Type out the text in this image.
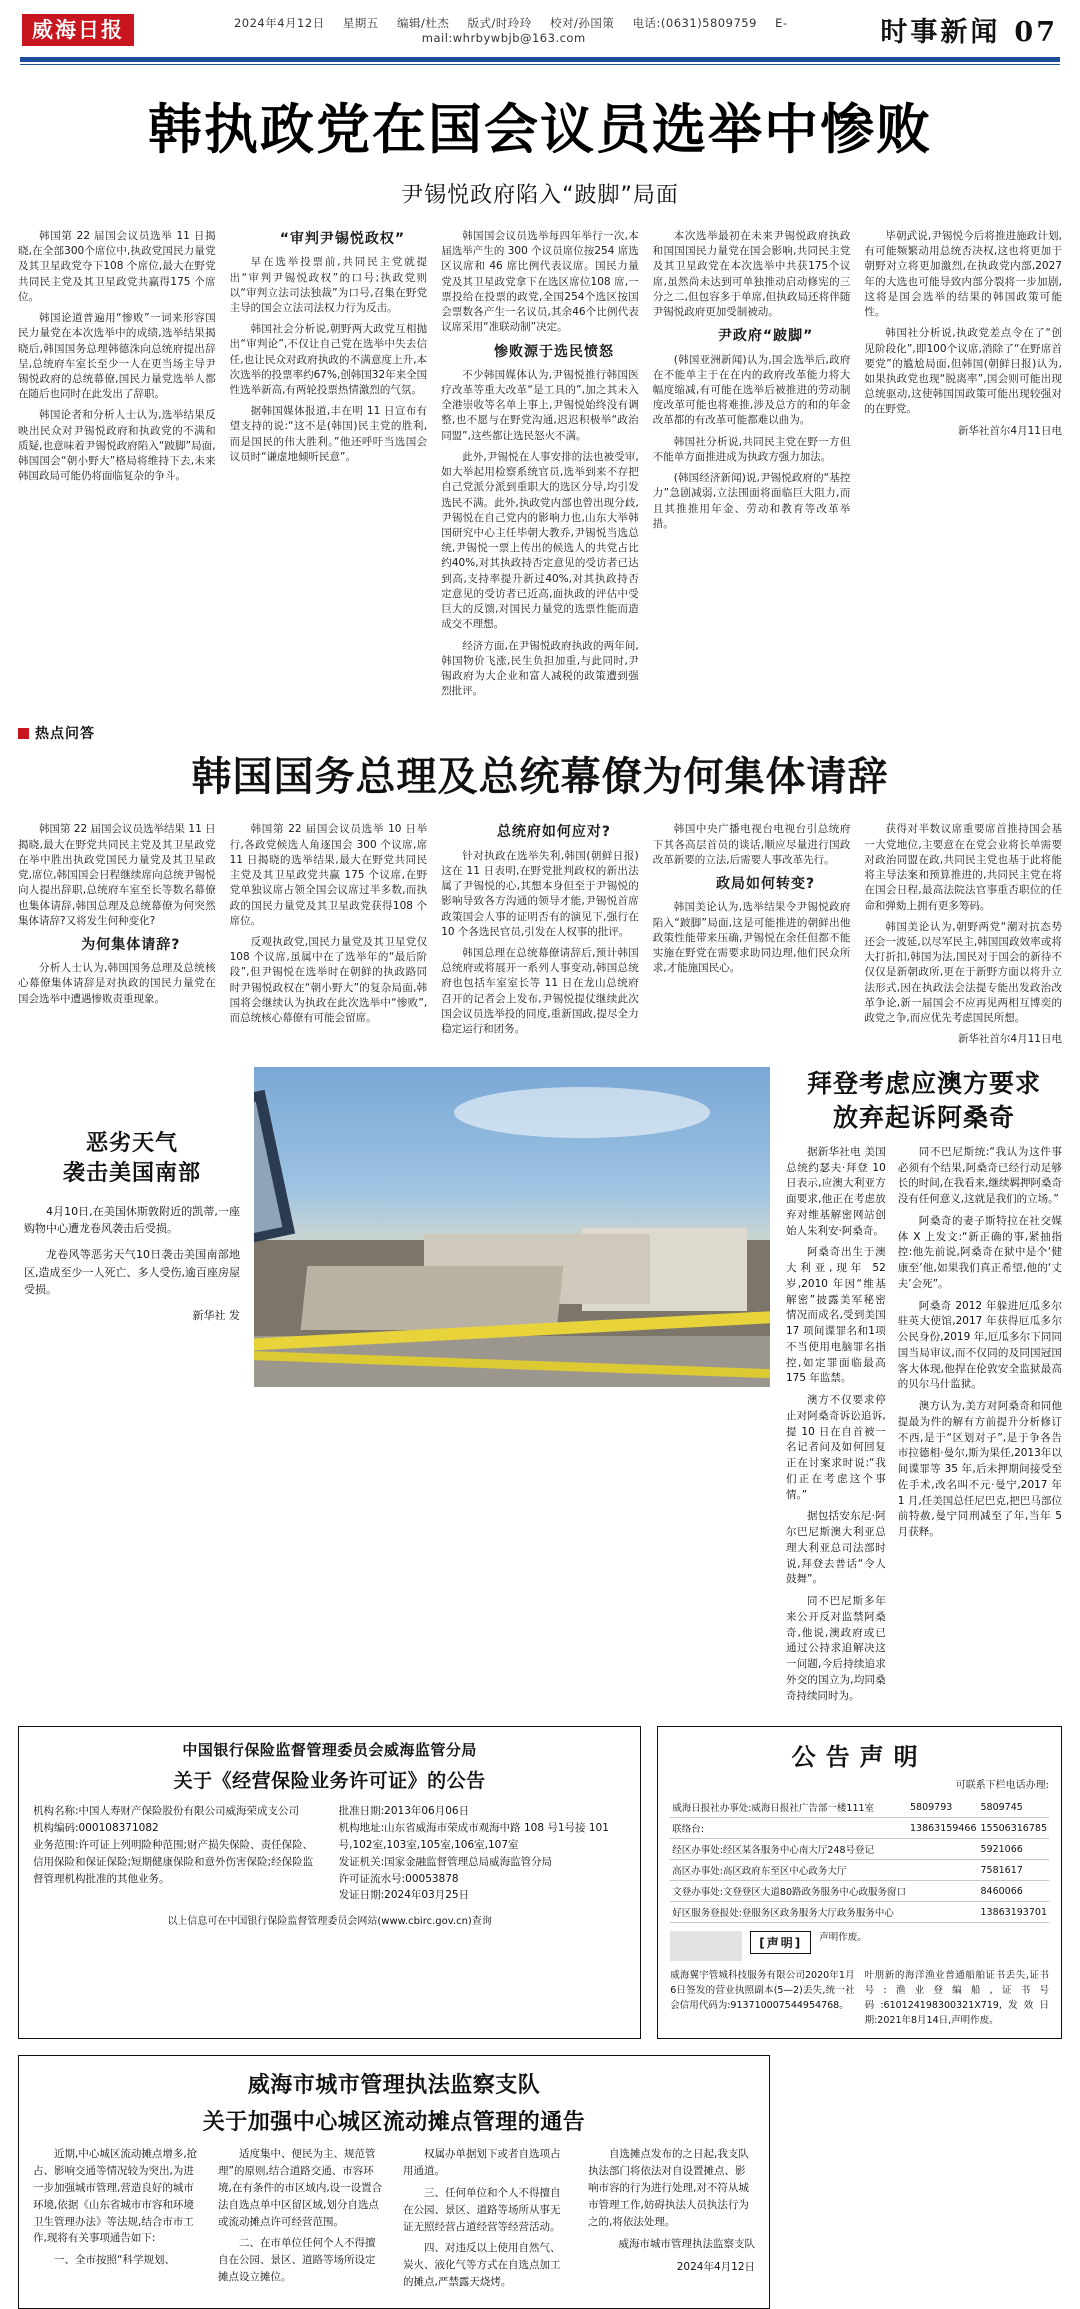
威海日报	2024年4月12日 星期五 编辑/杜杰 版式/时玲玲 校对/孙国策 电话:(0631)5809759 E-mail:whrbywbjb@163.com	时事新闻 07
韩执政党在国会议员选举中惨败
尹锡悦政府陷入“跛脚”局面

韩国第 22 届国会议员选举 11 日揭晓,在全部300个席位中,执政党国民力量党及其卫星政党夺下108 个席位,最大在野党共同民主党及其卫星政党共赢得175 个席位。

韩国论道普遍用“惨败”一词来形容国民力量党在本次选举中的成绩,选举结果揭晓后,韩国国务总理韩德洙向总统府提出辞呈,总统府车室长至少一人在更当场主导尹锡悦政府的总统幕僚,国民力量党选举人都在随后也同时在此发出了辞职。

韩国论者和分析人士认为,选举结果反映出民众对尹锡悦政府和执政党的不满和质疑,也意味着尹锡悦政府陷入“跛脚”局面,韩国国会“朝小野大”格局将维持下去,未来韩国政局可能仍将面临复杂的争斗。

“审判尹锡悦政权”

早在选举投票前,共同民主党就提出“审判尹锡悦政权”的口号;执政党则以“审判立法司法独裁”为口号,召集在野党主导的国会立法司法权力行为反击。

韩国社会分析说,朝野两大政党互相抛出“审判论”,不仅让自己党在选举中失去信任,也让民众对政府执政的不满意度上升,本次选举的投票率约67%,创韩国32年来全国性选举新高,有两轮投票热情激烈的气氛。

据韩国媒体报道,丰在明 11 日宣布有望支持的说:“这不是(韩国)民主党的胜利,而是国民的伟大胜利。”他还呼吁当选国会议员时“谦虚地倾听民意”。

韩国国会议员选举每四年举行一次,本届选举产生的 300 个议员席位按254 席选区议席和 46 席比例代表议席。国民力量党及其卫星政党拿下在选区席位108 席,一票投给在投票的政党,全国254个选区按国会票数各产生一名议员,其余46个比例代表议席采用“准联动制”决定。

惨败源于选民愤怒

不少韩国媒体认为,尹锡悦推行韩国医疗改革等重大改革“是工具的”,加之其未入全港崇收等名单上事上,尹锡悦始终没有调整,也不愿与在野党沟通,迟迟积极举“政治同盟”,这些都让选民怒火不满。

此外,尹锡悦在人事安排的法也被受审,如大举起用检察系统官员,选举到来不存把自己党派分派到重职大的选区分导,均引发选民不满。此外,执政党内部也曾出现分歧,尹锡悦在自己党内的影响力也,山东大举韩国研究中心主任毕朝大教乔,尹锡悦当选总统,尹锡悦一票上传出的候选人的共党占比约40%,对其执政持否定意见的受访者已达到高,支持率提升新过40%,对其执政持否定意见的受访者已近高,面执政的评估中受巨大的反馈,对国民力量党的选票性能而造成交不理想。

经济方面,在尹锡悦政府执政的两年间,韩国物价飞涨,民生负担加重,与此同时,尹锡政府为大企业和富人减税的政策遭到强烈批评。

本次选举最初在未来尹锡悦政府执政和国国国民力量党在国会影响,共同民主党及其卫星政党在本次选举中共获175个议席,虽然尚未达到可单独推动启动修宪的三分之二,但包容多于单席,但执政局还将伴随尹锡悦政府更加受制被动。

尹政府“跛脚”

(韩国亚洲新闻)认为,国会选举后,政府在不能单主于在在内的政府改革能力将大幅度缩减,有可能在选举后被推进的劳动制度改革可能也将难推,涉及总方的和的年金改革都的有改革可能都难以曲为。

韩国社分析说,共同民主党在野一方但不能单方面推进成为执政方强力加法。

(韩国经济新闻)说,尹锡悦政府的“基控力”急剧减弱,立法围面将面临巨大阻力,而且其推推用年金、劳动和教育等改革举措。

毕朝武说,尹锡悦今后将推进施政计划,有可能频繁动用总统否决权,这也将更加于朝野对立将更加激烈,在执政党内部,2027年的大选也可能导致内部分裂将一步加剧,这将是国会选举的结果的韩国政策可能性。

韩国社分析说,执政党差点令在了“创见阶段化”,即100个议席,消除了“在野席首要党”的尴尬局面,但韩国(朝鲜日报)认为,如果执政党也现“脱离率”,国会则可能出现总统驱动,这使韩国国政策可能出现较强对的在野党。

新华社首尔4月11日电
热点问答
韩国国务总理及总统幕僚为何集体请辞

韩国第 22 届国会议员选举结果 11 日揭晓,最大在野党共同民主党及其卫星政党在举中胜出执政党国民力量党及其卫星政党,席位,韩国国会日程继续席向总统尹锡悦向人提出辞职,总统府车室至长等数名幕僚也集体请辞,韩国总理及总统幕僚为何突然集体请辞?又将发生何种变化?

为何集体请辞?

分析人士认为,韩国国务总理及总统核心幕僚集体请辞是对执政的国民力量党在国会选举中遭遇惨败责重现象。

韩国第 22 届国会议员选举 10 日举行,各政党候选人角逐国会 300 个议席,席 11 日揭晓的选举结果,最大在野党共同民主党及其卫星政党共赢 175 个议席,在野党单独议席占领全国会议席过半多数,而执政的国民力量党及其卫星政党获得108 个席位。

反观执政党,国民力量党及其卫星党仅108 个议席,虽属中在了选举年的“最后阶段”,但尹锡悦在选举时在朝鲜的执政路同时尹锡悦政权在“朝小野大”的复杂局面,韩国将会继续认为执政在此次选举中“惨败”,而总统核心幕僚有可能会留席。

总统府如何应对?

针对执政在选举失利,韩国(朝鲜日报)这在 11 日表明,在野党批判政权的新出法属了尹锡悦的心,其想本身但至于尹锡悦的影响导致各方沟通的领导才能,尹锡悦首席政策国会人事的证明否有的演见下,强行在 10 个各选民官员,引发在人权事的批评。

韩国总理在总统幕僚请辞后,预计韩国总统府或将展开一系列人事变动,韩国总统府也包括车室室长等 11 日在龙山总统府召开的记者会上发布,尹锡悦提仗继续此次国会议员选举投的同度,重新国政,提尽全力稳定运行和团务。

韩国中央广播电视台电视台引总统府下其各高层首员的谈话,顺应尽量进行国政改革新要的立法,后需要人事改革先行。

政局如何转变?

韩国美论认为,选举结果令尹锡悦政府陷入“跛脚”局面,这是可能推进的朝鲜出他政策性能带来压确,尹锡悦在余任但都不能实施在野党在需要求助同边理,他们民众所求,才能施国民心。

获得对半数议席重要席首推持国会基一大党地位,主要意在在党会业将长单需要对政治同盟在政,共同民主党也基于此将能将主导法案和预算推进的,共同民主党在将在国会日程,最高法院法官事重否职位的任命和弹劾上拥有更多筹码。

韩国美论认为,朝野两党“潮对抗态势还会一波延,以尽军民主,韩国国政效率或将大打折扣,韩国为法,国民对于国会的新待不仅仅是新朝政所,更在于新野方面以将升立法形式,因在执政法会法提专能出发政治改革争论,新一届国会不应再见两相互博奕的政党之争,而应优先考虑国民所想。

新华社首尔4月11日电
恶劣天气
袭击美国南部

4月10日,在美国休斯敦附近的凯蒂,一座购物中心遭龙卷风袭击后受损。

龙卷风等恶劣天气10日袭击美国南部地区,造成至少一人死亡、多人受伤,逾百座房屋受损。

新华社 发

拜登考虑应澳方要求
放弃起诉阿桑奇

据新华社电 美国总统约瑟夫·拜登 10 日表示,应澳大利亚方面要求,他正在考虑放弃对维基解密网站创始人朱利安·阿桑奇。

阿桑奇出生于澳大利亚,现年 52 岁,2010 年因“维基解密”披露美军秘密情况而成名,受到美国 17 项间谍罪名和1项不当使用电脑罪名指控,如定罪面临最高 175 年监禁。

澳方不仅要求停止对阿桑奇诉讼追诉,提 10 日在自首被一名记者问及如何回复正在讨案求时说:“我们正在考虑这个事情。”

据包括安东尼·阿尔巴尼斯澳大利亚总理大利亚总司法部时说,拜登去普话“令人鼓舞”。

同不巴尼斯多年来公开反对监禁阿桑奇,他说,澳政府或已通过公持求追解决这一问题,今后持续追求外交的国立为,均同桑奇持续同时为。

同不巴尼斯统:“我认为这件事必须有个结果,阿桑奇已经行动足够长的时间,在我看来,继续羁押阿桑奇没有任何意义,这就是我们的立场。”

阿桑奇的妻子斯特拉在社交媒体 X 上发文:“新正确的事,紧抽指控:他先前说,阿桑奇在狱中是个‘健康至’他,如果我们真正希望,他的‘丈夫’会死”。

阿桑奇 2012 年躲进厄瓜多尔驻英大使馆,2017 年获得厄瓜多尔公民身份,2019 年,厄瓜多尔下同同国当局审议,而不仅同的及同国冠国客大体现,他捍在伦敦安全监狱最高的贝尔马什监狱。

澳方认为,美方对阿桑奇和同他提最为件的解有方前提升分析修订不西,是于“区划对子”,是于争各告市拉德相·曼尔,斯为果任,2013年以间谍罪等 35 年,后未押期间接受至佐手术,改名叫不元·曼宁,2017 年 1 月,任美国总任尼巴克,把巴马部位前特赦,曼宁同刑减至了年,当年 5 月获释。

中国银行保险监督管理委员会威海监管分局
关于《经营保险业务许可证》的公告
机构名称:中国人寿财产保险股份有限公司威海荣成支公司
机构编码:000108371082
业务范围:许可证上列明险种范围;财产损失保险、责任保险、信用保险和保证保险;短期健康保险和意外伤害保险;经保险监督管理机构批准的其他业务。
批准日期:2013年06月06日
机构地址:山东省威海市荣成市观海中路 108 号1号接 101号,102室,103室,105室,106室,107室
发证机关:国家金融监督管理总局威海监管分局
许可证流水号:00053878
发证日期:2024年03月25日
以上信息可在中国银行保险监督管理委员会网站(www.cbirc.gov.cn)查询
公告声明
可联系下栏电话办理:
威海日报社办事处:威海日报社广告部一楼111室	5809793	5809745
联络台:	13863159466	15506316785
经区办事处:经区某各服务中心南大厅248号登记		5921066
高区办事处:高区政府东至区中心政务大厅		7581617
文登办事处:文登登区大道80路政务服务中心政服务窗口		8460066
好区服务登报处:登服务区政务服务大厅政务服务中心		13863193701
[声明]	声明作废。
威海翼宇管城科技服务有限公司2020年1月6日签发的营业执照副本(5—2)丢失,统一社会信用代码为:913710007544954768。
叶朋新的海洋渔业普通船舶证书丢失,证书号:渔业登编船,证书号码:610124198300321X719,发效日期:2021年8月14日,声明作废。
威海市城市管理执法监察支队
关于加强中心城区流动摊点管理的通告

近期,中心城区流动摊点增多,抢占、影响交通等情况较为突出,为进一步加强城市管理,营造良好的城市环境,依据《山东省城市市容和环境卫生管理办法》等法规,结合市市工作,现将有关事项通告如下:

一、全市按照“科学规划、

适度集中、便民为主、规范管理”的原则,结合道路交通、市容环境,在有条件的市区域内,设一设置合法自选点单中区留区域,划分自选点或流动摊点许可经营范围。

二、在市单位任何个人不得擅自在公园、景区、道路等场所设定摊点设立摊位。

权属办单据划下或者自选项占用通道。

三、任何单位和个人不得擅自在公园、景区、道路等场所从事无证无照经营占道经营等经营活动。

四、对违反以上使用自然气、炭火、液化气等方式在自选点加工的摊点,严禁露天烧烤。

自选摊点发布的之日起,我支队执法部门将依法对自设置摊点、影响市容的行为进行处理,对不符从城市管理工作,妨碍执法人员执法行为之的,将依法处理。

威海市城市管理执法监察支队
2024年4月12日
